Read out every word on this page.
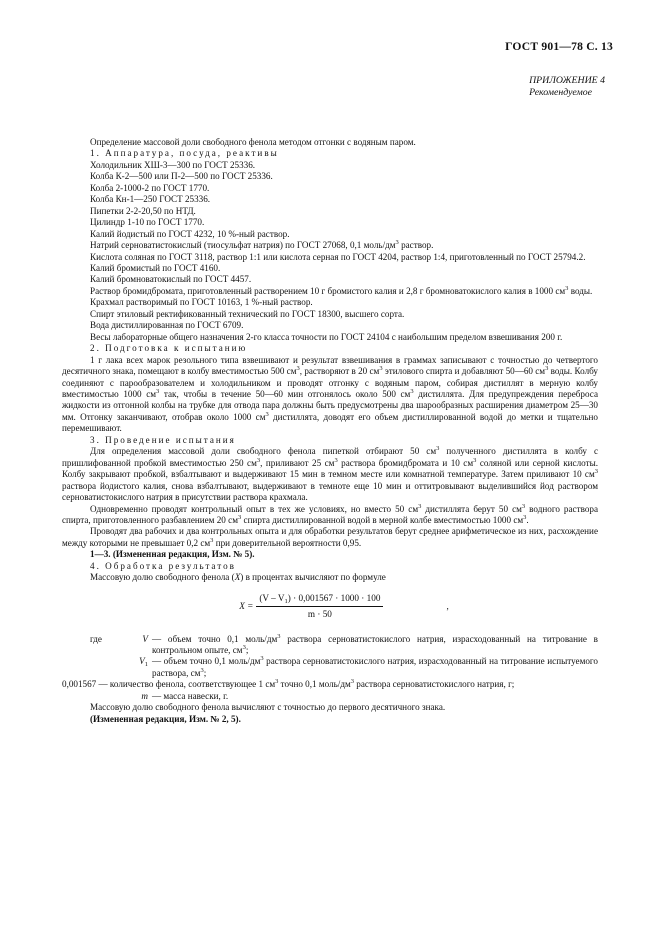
ГОСТ 901—78 С. 13
ПРИЛОЖЕНИЕ 4
Рекомендуемое

Определение массовой доли свободного фенола методом отгонки с водяным паром.

1. Аппаратура, посуда, реактивы

Холодильник ХШ-3—300 по ГОСТ 25336.

Колба К-2—500 или П-2—500 по ГОСТ 25336.

Колба 2-1000-2 по ГОСТ 1770.

Колба Кн-1—250 ГОСТ 25336.

Пипетки 2-2-20,50 по НТД.

Цилиндр 1-10 по ГОСТ 1770.

Калий йодистый по ГОСТ 4232, 10 %-ный раствор.

Натрий серноватистокислый (тиосульфат натрия) по ГОСТ 27068, 0,1 моль/$дм^3$ раствор.

Кислота соляная по ГОСТ 3118, раствор 1:1 или кислота серная по ГОСТ 4204, раствор 1:4, приготовленный по ГОСТ 25794.2.

Калий бромистый по ГОСТ 4160.

Калий бромноватокислый по ГОСТ 4457.

Раствор бромидбромата, приготовленный растворением 10 г бромистого калия и 2,8 г бромноватокислого калия в 1000 $см^3$ воды.

Крахмал растворимый по ГОСТ 10163, 1 %-ный раствор.

Спирт этиловый ректификованный технический по ГОСТ 18300, высшего сорта.

Вода дистиллированная по ГОСТ 6709.

Весы лабораторные общего назначения 2-го класса точности по ГОСТ 24104 с наибольшим пределом взвешивания 200 г.

2. Подготовка к испытанию

1 г лака всех марок резольного типа взвешивают и результат взвешивания в граммах записывают с точностью до четвертого десятичного знака, помещают в колбу вместимостью 500 $см^3$, растворяют в 20 $см^3$ этилового спирта и добавляют 50—60 $см^3$ воды. Колбу соединяют с парообразователем и холодильником и проводят отгонку с водяным паром, собирая дистиллят в мерную колбу вместимостью 1000 $см^3$ так, чтобы в течение 50—60 мин отгонялось около 500 $см^3$ дистиллята. Для предупреждения переброса жидкости из отгонной колбы на трубке для отвода пара должны быть предусмотрены два шарообразных расширения диаметром 25—30 мм. Отгонку заканчивают, отобрав около 1000 $см^3$ дистиллята, доводят его объем дистиллированной водой до метки и тщательно перемешивают.

3. Проведение испытания

Для определения массовой доли свободного фенола пипеткой отбирают 50 $см^3$ полученного дистиллята в колбу с пришлифованной пробкой вместимостью 250 $см^3$, приливают 25 $см^3$ раствора бромидбромата и 10 $см^3$ соляной или серной кислоты. Колбу закрывают пробкой, взбалтывают и выдерживают 15 мин в темном месте или комнатной температуре. Затем приливают 10 $см^3$ раствора йодистого калия, снова взбалтывают, выдерживают в темноте еще 10 мин и оттитровывают выделившийся йод раствором серноватистокислого натрия в присутствии раствора крахмала.

Одновременно проводят контрольный опыт в тех же условиях, но вместо 50 $см^3$ дистиллята берут 50 $см^3$ водного раствора спирта, приготовленного разбавлением 20 $см^3$ спирта дистиллированной водой в мерной колбе вместимостью 1000 $см^3$.

Проводят два рабочих и два контрольных опыта и для обработки результатов берут среднее арифметическое из них, расхождение между которыми не превышает 0,2 $см^3$ при доверительной вероятности 0,95.

1—3. (Измененная редакция, Изм. № 5).

4. Обработка результатов

Массовую долю свободного фенола (X) в процентах вычисляют по формуле

$X = \frac{(V - V_1) \cdot 0,001567 \cdot 1000 \cdot 100}{m \cdot 50}$	,

где	V — объем точно 0,1 моль/$дм^3$ раствора серноватистокислого натрия, израсходованный на титрование в контрольном опыте, $см^3$;

$V_1$ — объем точно 0,1 моль/$дм^3$ раствора серноватистокислого натрия, израсходованный на титрование испытуемого раствора, $см^3$;

0,001567 — количество фенола, соответствующее 1 $см^3$ точно 0,1 моль/$дм^3$ раствора серноватистокислого натрия, г;

m — масса навески, г.

Массовую долю свободного фенола вычисляют с точностью до первого десятичного знака.

(Измененная редакция, Изм. № 2, 5).
